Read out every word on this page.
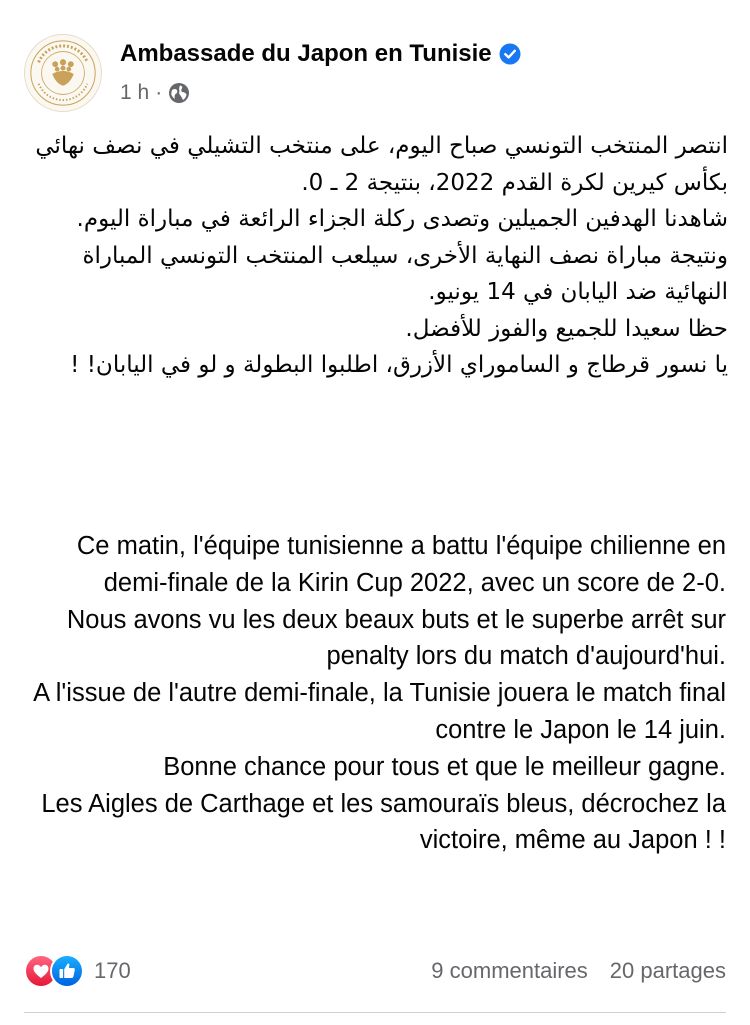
Ambassade du Japon en Tunisie
1 h ·

انتصر المنتخب التونسي صباح اليوم، على منتخب التشيلي في نصف نهائي بكأس كيرين لكرة القدم 2022، بنتيجة 2 ـ 0.

شاهدنا الهدفين الجميلين وتصدى ركلة الجزاء الرائعة في مباراة اليوم.

ونتيجة مباراة نصف النهاية الأخرى، سيلعب المنتخب التونسي المباراة النهائية ضد اليابان في 14 يونيو.

حظا سعيدا للجميع والفوز للأفضل.

يا نسور قرطاج و الساموراي الأزرق، اطلبوا البطولة و لو في اليابان! !

Ce matin, l'équipe tunisienne a battu l'équipe chilienne en demi-finale de la Kirin Cup 2022, avec un score de 2-0.

Nous avons vu les deux beaux buts et le superbe arrêt sur penalty lors du match d'aujourd'hui.

A l'issue de l'autre demi-finale, la Tunisie jouera le match final contre le Japon le 14 juin.

Bonne chance pour tous et que le meilleur gagne.

Les Aigles de Carthage et les samouraïs bleus, décrochez la victoire, même au Japon ! !

170	9 commentaires 20 partages
